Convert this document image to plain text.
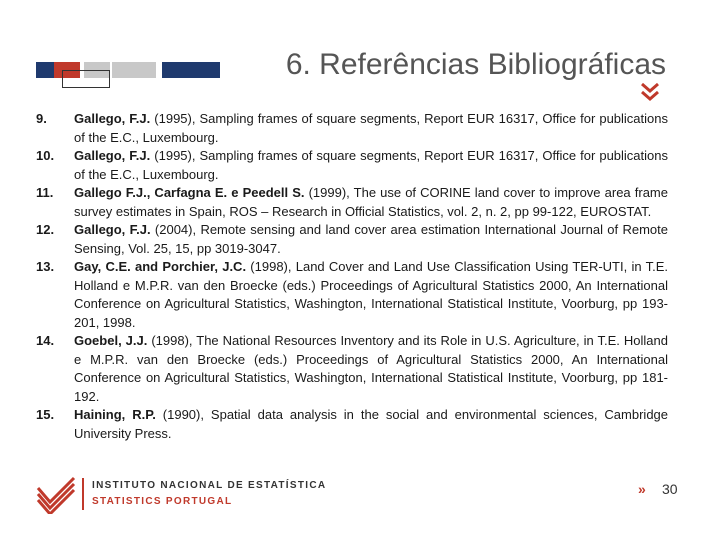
6. Referências Bibliográficas
9.	Gallego, F.J. (1995), Sampling frames of square segments, Report EUR 16317, Office for publications of the E.C., Luxembourg.
10.	Gallego, F.J. (1995), Sampling frames of square segments, Report EUR 16317, Office for publications of the E.C., Luxembourg.
11.	Gallego F.J., Carfagna E. e Peedell S. (1999), The use of CORINE land cover to improve area frame survey estimates in Spain, ROS – Research in Official Statistics, vol. 2, n. 2, pp 99-122, EUROSTAT.
12.	Gallego, F.J. (2004), Remote sensing and land cover area estimation International Journal of Remote Sensing, Vol. 25, 15, pp 3019-3047.
13.	Gay, C.E. and Porchier, J.C. (1998), Land Cover and Land Use Classification Using TER-UTI, in T.E. Holland e M.P.R. van den Broecke (eds.) Proceedings of Agricultural Statistics 2000, An International Conference on Agricultural Statistics, Washington, International Statistical Institute, Voorburg, pp 193-201, 1998.
14.	Goebel, J.J. (1998), The National Resources Inventory and its Role in U.S. Agriculture, in T.E. Holland e M.P.R. van den Broecke (eds.) Proceedings of Agricultural Statistics 2000, An International Conference on Agricultural Statistics, Washington, International Statistical Institute, Voorburg, pp 181-192.
15.	Haining, R.P. (1990), Spatial data analysis in the social and environmental sciences, Cambridge University Press.
INSTITUTO NACIONAL DE ESTATÍSTICA
STATISTICS PORTUGAL
» 30
